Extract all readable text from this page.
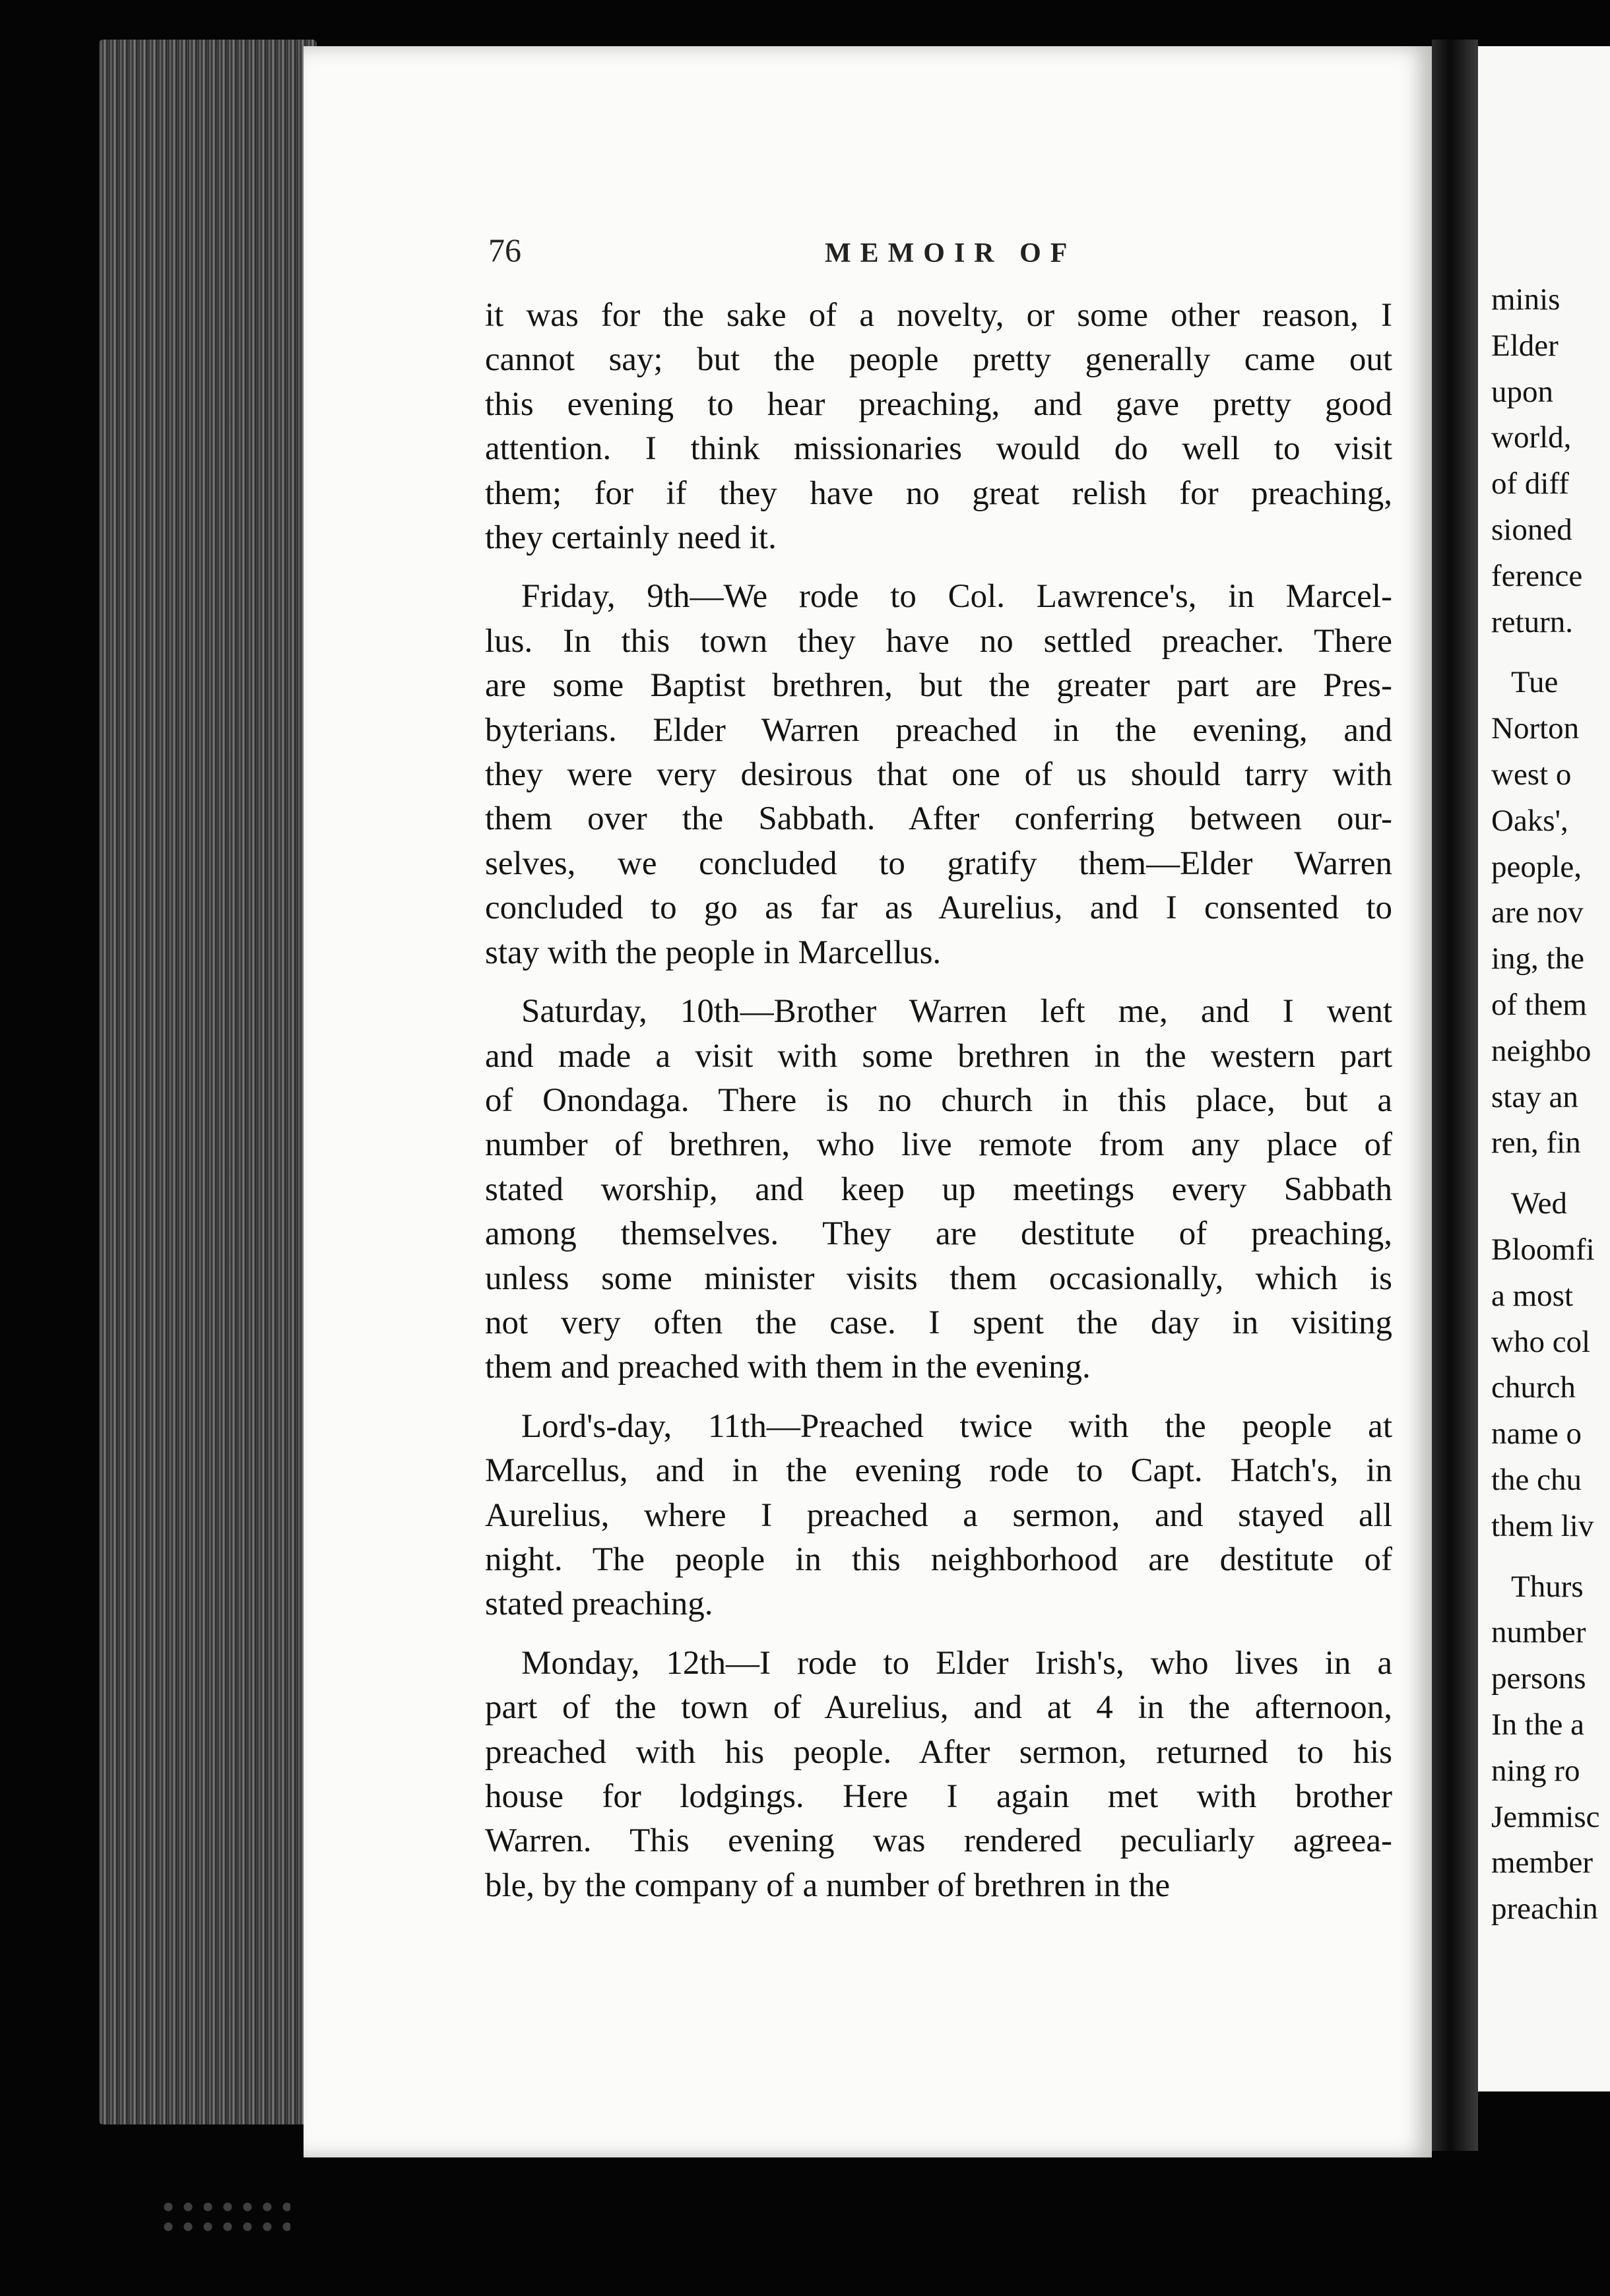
76	MEMOIR OF
it was for the sake of a novelty, or some other reason, I
cannot say; but the people pretty generally came out
this evening to hear preaching, and gave pretty good
attention. I think missionaries would do well to visit
them; for if they have no great relish for preaching,
they certainly need it.
Friday, 9th—We rode to Col. Lawrence's, in Marcel-
lus. In this town they have no settled preacher. There
are some Baptist brethren, but the greater part are Pres-
byterians. Elder Warren preached in the evening, and
they were very desirous that one of us should tarry with
them over the Sabbath. After conferring between our-
selves, we concluded to gratify them—Elder Warren
concluded to go as far as Aurelius, and I consented to
stay with the people in Marcellus.
Saturday, 10th—Brother Warren left me, and I went
and made a visit with some brethren in the western part
of Onondaga. There is no church in this place, but a
number of brethren, who live remote from any place of
stated worship, and keep up meetings every Sabbath
among themselves. They are destitute of preaching,
unless some minister visits them occasionally, which is
not very often the case. I spent the day in visiting
them and preached with them in the evening.
Lord's-day, 11th—Preached twice with the people at
Marcellus, and in the evening rode to Capt. Hatch's, in
Aurelius, where I preached a sermon, and stayed all
night. The people in this neighborhood are destitute of
stated preaching.
Monday, 12th—I rode to Elder Irish's, who lives in a
part of the town of Aurelius, and at 4 in the afternoon,
preached with his people. After sermon, returned to his
house for lodgings. Here I again met with brother
Warren. This evening was rendered peculiarly agreea-
ble, by the company of a number of brethren in the
minis
Elder
upon
world,
of diff
sioned
ference
return.
Tue
Norton
west o
Oaks',
people,
are nov
ing, the
of them
neighbo
stay an
ren, fin
Wed
Bloomfi
a most
who col
church
name o
the chu
them liv
Thurs
number
persons
In the a
ning ro
Jemmisc
member
preachin
